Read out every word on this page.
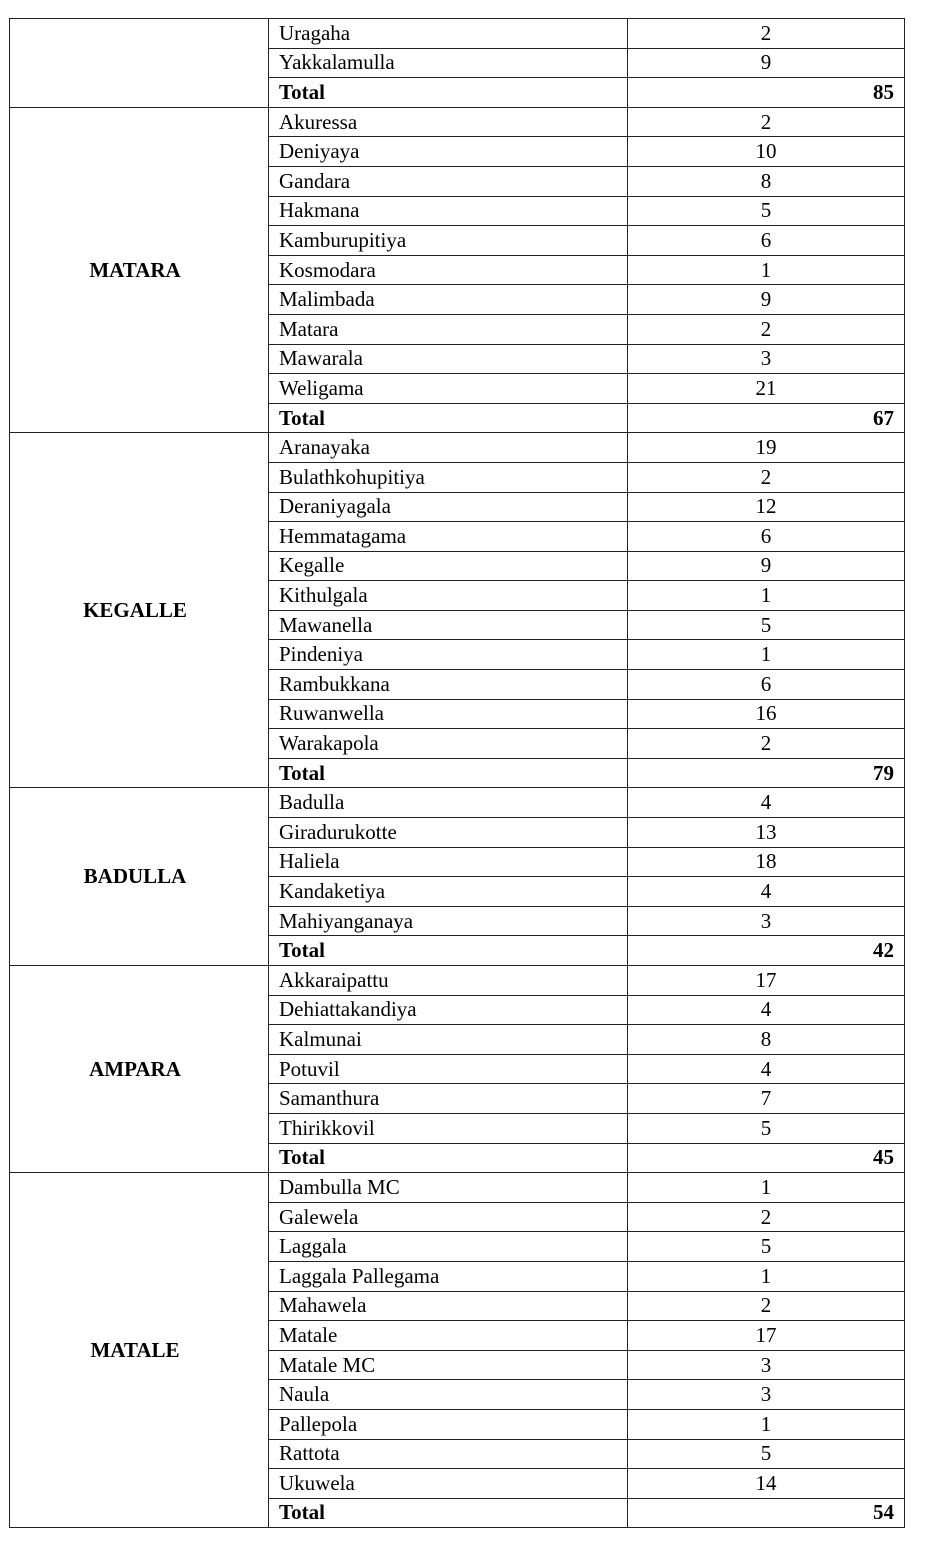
	Uragaha	2
	Yakkalamulla	9
	Total	85
MATARA	Akuressa	2
	Deniyaya	10
	Gandara	8
	Hakmana	5
	Kamburupitiya	6
	Kosmodara	1
	Malimbada	9
	Matara	2
	Mawarala	3
	Weligama	21
	Total	67
KEGALLE	Aranayaka	19
	Bulathkohupitiya	2
	Deraniyagala	12
	Hemmatagama	6
	Kegalle	9
	Kithulgala	1
	Mawanella	5
	Pindeniya	1
	Rambukkana	6
	Ruwanwella	16
	Warakapola	2
	Total	79
BADULLA	Badulla	4
	Giradurukotte	13
	Haliela	18
	Kandaketiya	4
	Mahiyanganaya	3
	Total	42
AMPARA	Akkaraipattu	17
	Dehiattakandiya	4
	Kalmunai	8
	Potuvil	4
	Samanthura	7
	Thirikkovil	5
	Total	45
MATALE	Dambulla MC	1
	Galewela	2
	Laggala	5
	Laggala Pallegama	1
	Mahawela	2
	Matale	17
	Matale MC	3
	Naula	3
	Pallepola	1
	Rattota	5
	Ukuwela	14
	Total	54
